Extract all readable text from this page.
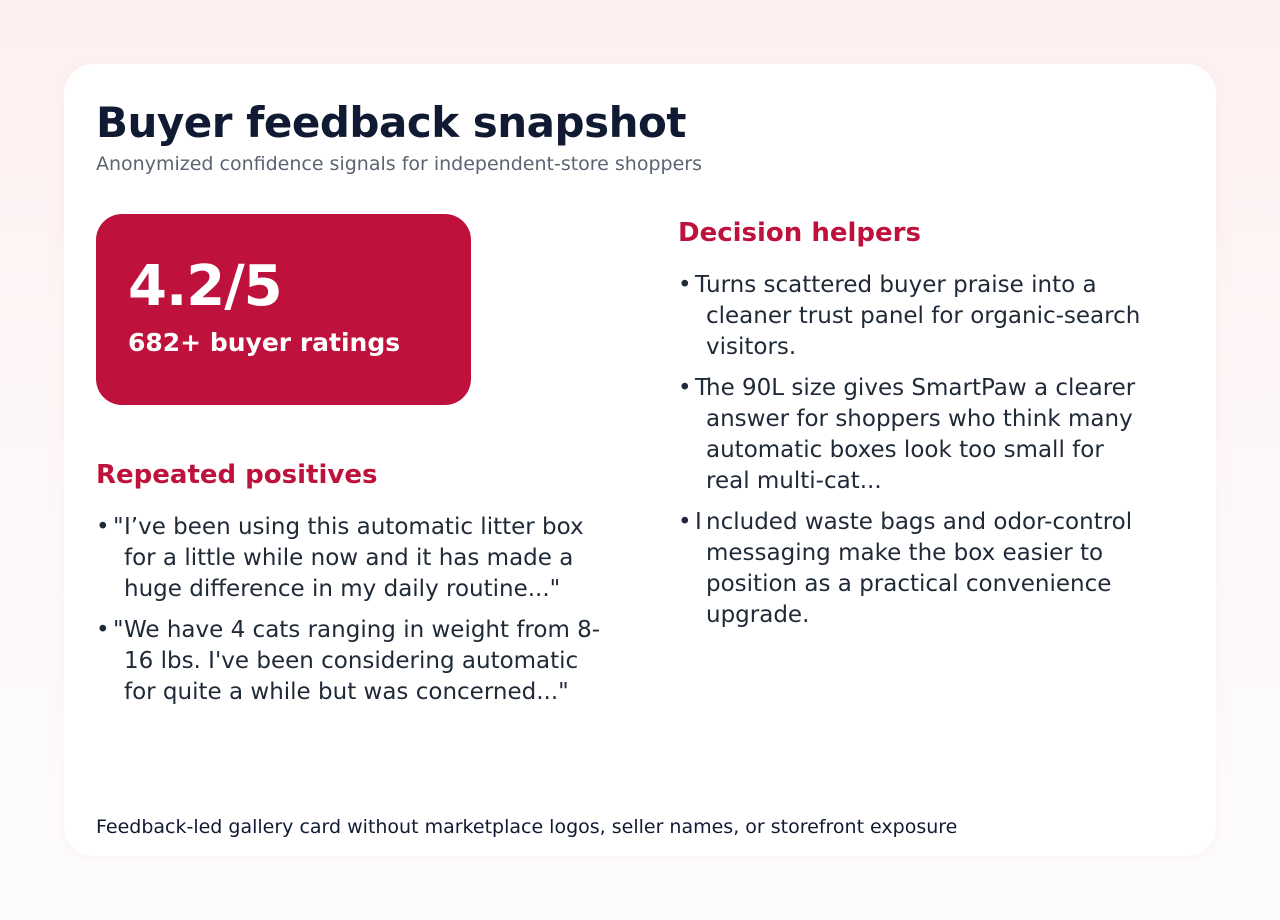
Buyer feedback snapshot
Anonymized confidence signals for independent-store shoppers
4.2/5
682+ buyer ratings
Repeated positives
• " I’ve been using this automatic litter box for a little while now and it has made a huge difference in my daily routine..."
• " We have 4 cats ranging in weight from 8-16 lbs. I've been considering automatic for quite a while but was concerned..."
Decision helpers
• T
urns scattered buyer praise into a cleaner trust panel for organic-search visitors.
• T
he 90L size gives SmartPaw a clearer answer for shoppers who think many automatic boxes look too small for real multi-cat...
• I ncluded waste bags and odor-control messaging make the box easier to position as a practical convenience upgrade.
Feedback-led gallery card without marketplace logos, seller names, or storefront exposure
